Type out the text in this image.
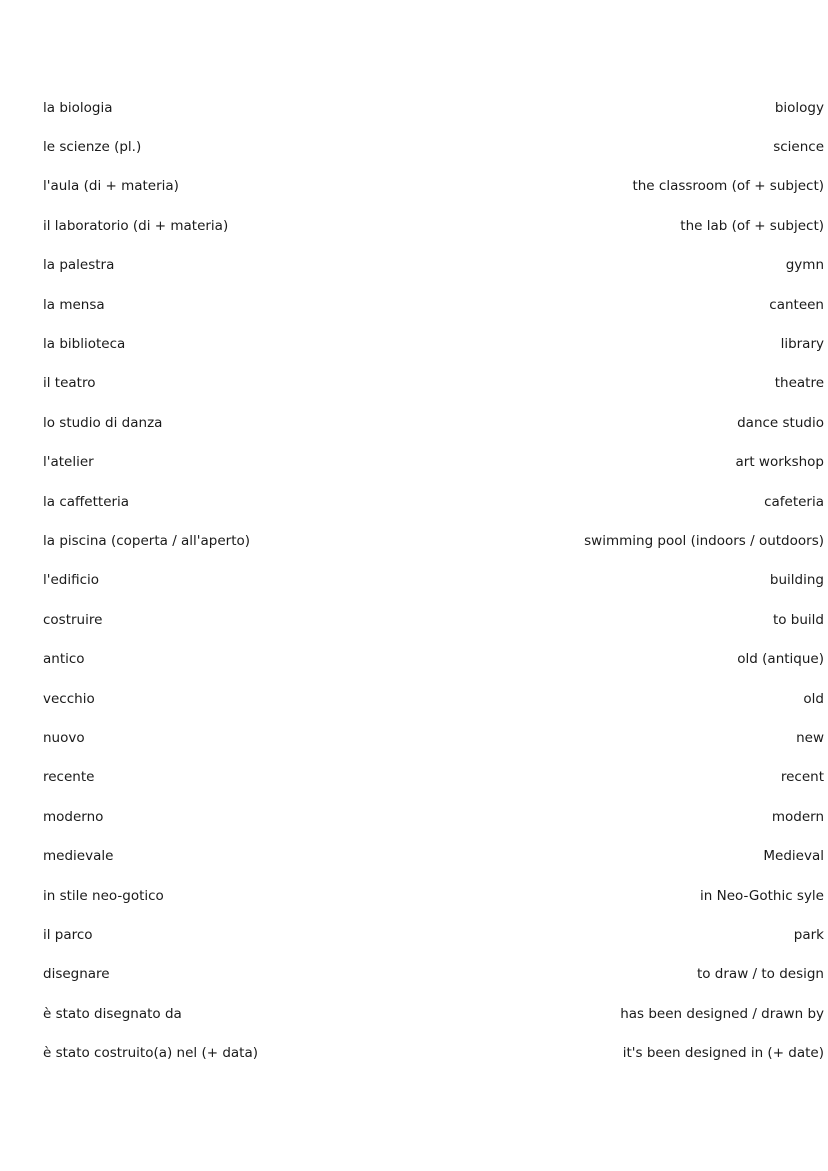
la biologia	biology
le scienze (pl.)	science
l'aula (di + materia)	the classroom (of + subject)
il laboratorio (di + materia)	the lab (of + subject)
la palestra	gymn
la mensa	canteen
la biblioteca	library
il teatro	theatre
lo studio di danza	dance studio
l'atelier	art workshop
la caffetteria	cafeteria
la piscina (coperta / all'aperto)	swimming pool (indoors / outdoors)
l'edificio	building
costruire	to build
antico	old (antique)
vecchio	old
nuovo	new
recente	recent
moderno	modern
medievale	Medieval
in stile neo-gotico	in Neo-Gothic syle
il parco	park
disegnare	to draw / to design
è stato disegnato da	has been designed / drawn by
è stato costruito(a) nel (+ data)	it's been designed in (+ date)
